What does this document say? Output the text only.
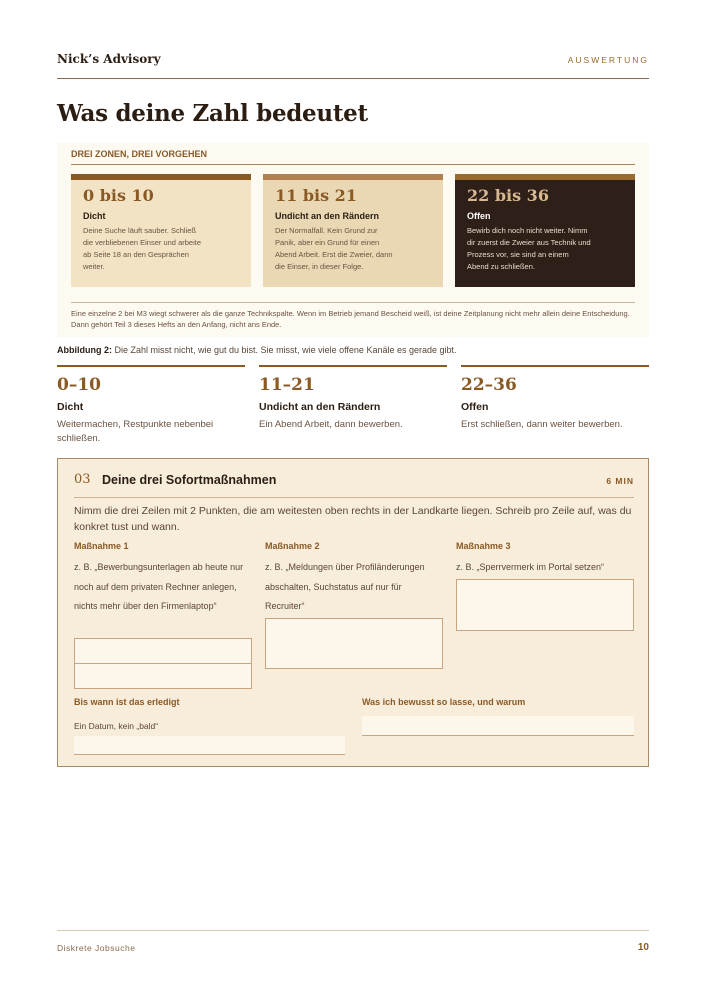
Nick’s Advisory	AUSWERTUNG
Was deine Zahl bedeutet
DREI ZONEN, DREI VORGEHEN
0 bis 10
Dicht
Deine Suche läuft sauber. Schließ die verbliebenen Einser und arbeite ab Seite 18 an den Gesprächen weiter.
11 bis 21
Undicht an den Rändern
Der Normalfall. Kein Grund zur Panik, aber ein Grund für einen Abend Arbeit. Erst die Zweier, dann die Einser, in dieser Folge.
22 bis 36
Offen
Bewirb dich noch nicht weiter. Nimm dir zuerst die Zweier aus Technik und Prozess vor, sie sind an einem Abend zu schließen.
Eine einzelne 2 bei M3 wiegt schwerer als die ganze Technikspalte. Wenn im Betrieb jemand Bescheid weiß, ist deine Zeitplanung nicht mehr allein deine Entscheidung. Dann gehört Teil 3 dieses Hefts an den Anfang, nicht ans Ende.
Abbildung 2: Die Zahl misst nicht, wie gut du bist. Sie misst, wie viele offene Kanäle es gerade gibt.
0–10
Dicht
Weitermachen, Restpunkte nebenbei schließen.
11–21
Undicht an den Rändern
Ein Abend Arbeit, dann bewerben.
22–36
Offen
Erst schließen, dann weiter bewerben.
03 Deine drei Sofortmaßnahmen	6 MIN
Nimm die drei Zeilen mit 2 Punkten, die am weitesten oben rechts in der Landkarte liegen. Schreib pro Zeile auf, was du konkret tust und wann.
Maßnahme 1
z. B. „Bewerbungsunterlagen ab heute nur noch auf dem privaten Rechner anlegen, nichts mehr über den Firmenlaptop“
Maßnahme 2
z. B. „Meldungen über Profiländerungen abschalten, Suchstatus auf nur für Recruiter“
Maßnahme 3
z. B. „Sperrvermerk im Portal setzen“
Bis wann ist das erledigt
Ein Datum, kein „bald“
Was ich bewusst so lasse, und warum
Diskrete Jobsuche	10
